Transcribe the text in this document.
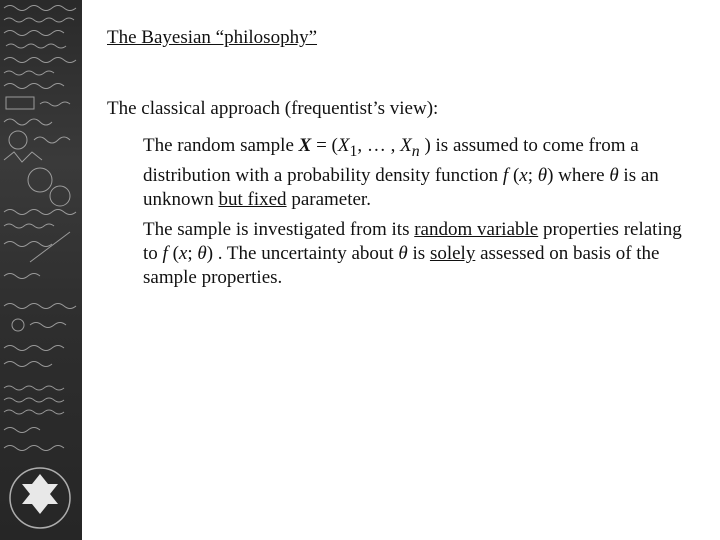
The Bayesian “philosophy”
The classical approach (frequentist’s view):
The random sample $X = (X_1$, … , $X_n$ ) is assumed to come from a distribution with a probability density function f (x; θ) where θ is an unknown but fixed parameter.
The sample is investigated from its random variable properties relating to f (x; θ) . The uncertainty about θ is solely assessed on basis of the sample properties.
